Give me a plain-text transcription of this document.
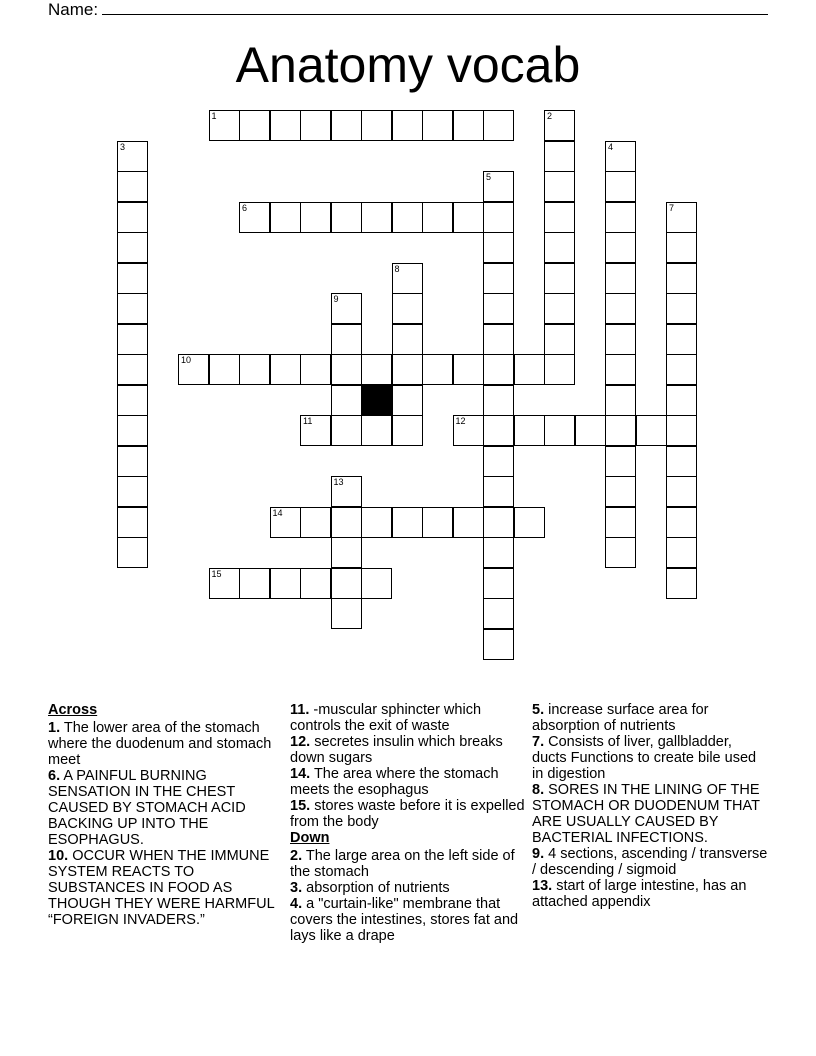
Name:
Anatomy vocab
1	2
3	4
5
6	7
8
9
10
11	12
13
14
15
Across
1. The lower area of the stomach where the duodenum and stomach meet
6. A PAINFUL BURNING SENSATION IN THE CHEST CAUSED BY STOMACH ACID BACKING UP INTO THE ESOPHAGUS.
10. OCCUR WHEN THE IMMUNE SYSTEM REACTS TO SUBSTANCES IN FOOD AS THOUGH THEY WERE HARMFUL “FOREIGN INVADERS.”
11. -muscular sphincter which controls the exit of waste
12. secretes insulin which breaks down sugars
14. The area where the stomach meets the esophagus
15. stores waste before it is expelled from the body
Down
2. The large area on the left side of the stomach
3. absorption of nutrients
4. a "curtain-like" membrane that covers the intestines, stores fat and lays like a drape
5. increase surface area for absorption of nutrients
7. Consists of liver, gallbladder, ducts Functions to create bile used in digestion
8. SORES IN THE LINING OF THE STOMACH OR DUODENUM THAT ARE USUALLY CAUSED BY BACTERIAL INFECTIONS.
9. 4 sections, ascending / transverse / descending / sigmoid
13. start of large intestine, has an attached appendix
